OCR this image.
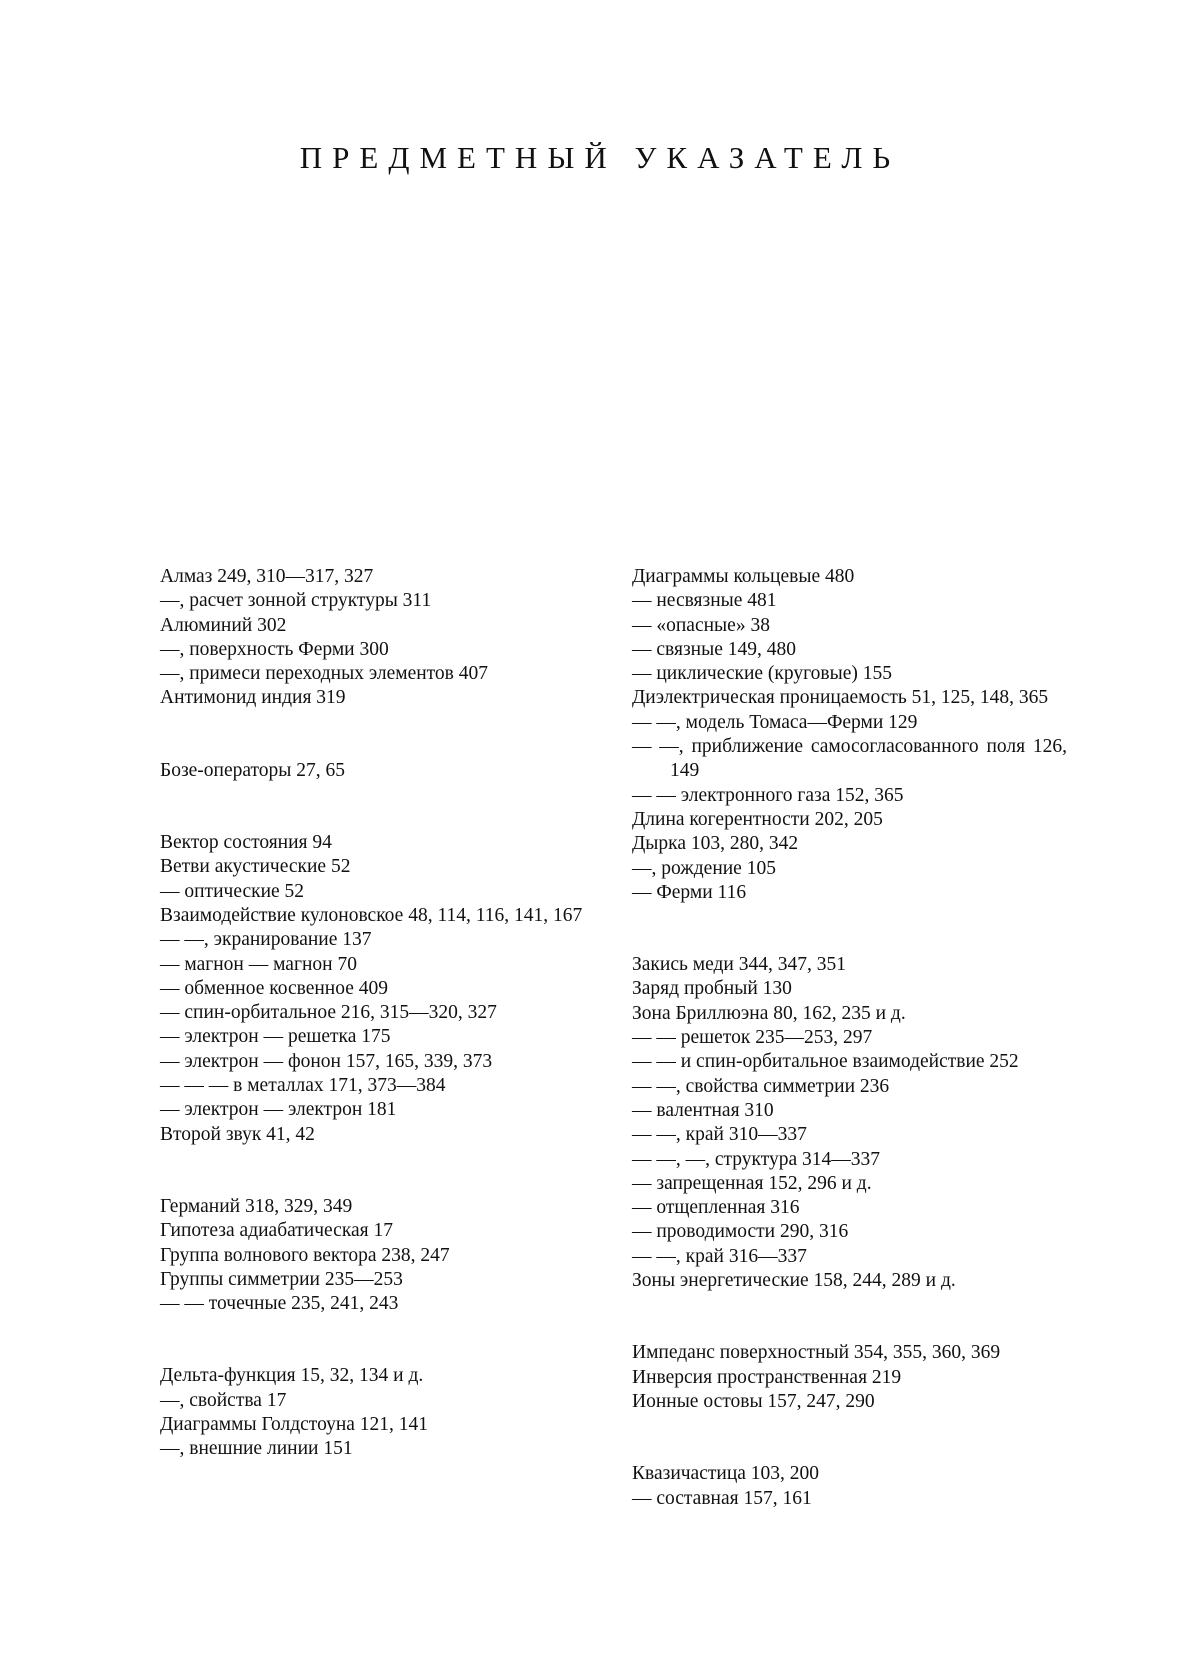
ПРЕДМЕТНЫЙ УКАЗАТЕЛЬ
Алмаз 249, 310—317, 327
—, расчет зонной структуры 311
Алюминий 302
—, поверхность Ферми 300
—, примеси переходных элементов 407
Антимонид индия 319
Бозе-операторы 27, 65
Вектор состояния 94
Ветви акустические 52
— оптические 52
Взаимодействие кулоновское 48, 114, 116, 141, 167
— —, экранирование 137
— магнон — магнон 70
— обменное косвенное 409
— спин-орбитальное 216, 315—320, 327
— электрон — решетка 175
— электрон — фонон 157, 165, 339, 373
— — — в металлах 171, 373—384
— электрон — электрон 181
Второй звук 41, 42
Германий 318, 329, 349
Гипотеза адиабатическая 17
Группа волнового вектора 238, 247
Группы симметрии 235—253
— — точечные 235, 241, 243
Дельта-функция 15, 32, 134 и д.
—, свойства 17
Диаграммы Голдстоуна 121, 141
—, внешние линии 151
Диаграммы кольцевые 480
— несвязные 481
— «опасные» 38
— связные 149, 480
— циклические (круговые) 155
Диэлектрическая проницаемость 51, 125, 148, 365
— —, модель Томаса—Ферми 129
— —, приближение самосогласованного поля 126, 149
— — электронного газа 152, 365
Длина когерентности 202, 205
Дырка 103, 280, 342
—, рождение 105
— Ферми 116
Закись меди 344, 347, 351
Заряд пробный 130
Зона Бриллюэна 80, 162, 235 и д.
— — решеток 235—253, 297
— — и спин-орбитальное взаимодействие 252
— —, свойства симметрии 236
— валентная 310
— —, край 310—337
— —, —, структура 314—337
— запрещенная 152, 296 и д.
— отщепленная 316
— проводимости 290, 316
— —, край 316—337
Зоны энергетические 158, 244, 289 и д.
Импеданс поверхностный 354, 355, 360, 369
Инверсия пространственная 219
Ионные остовы 157, 247, 290
Квазичастица 103, 200
— составная 157, 161
